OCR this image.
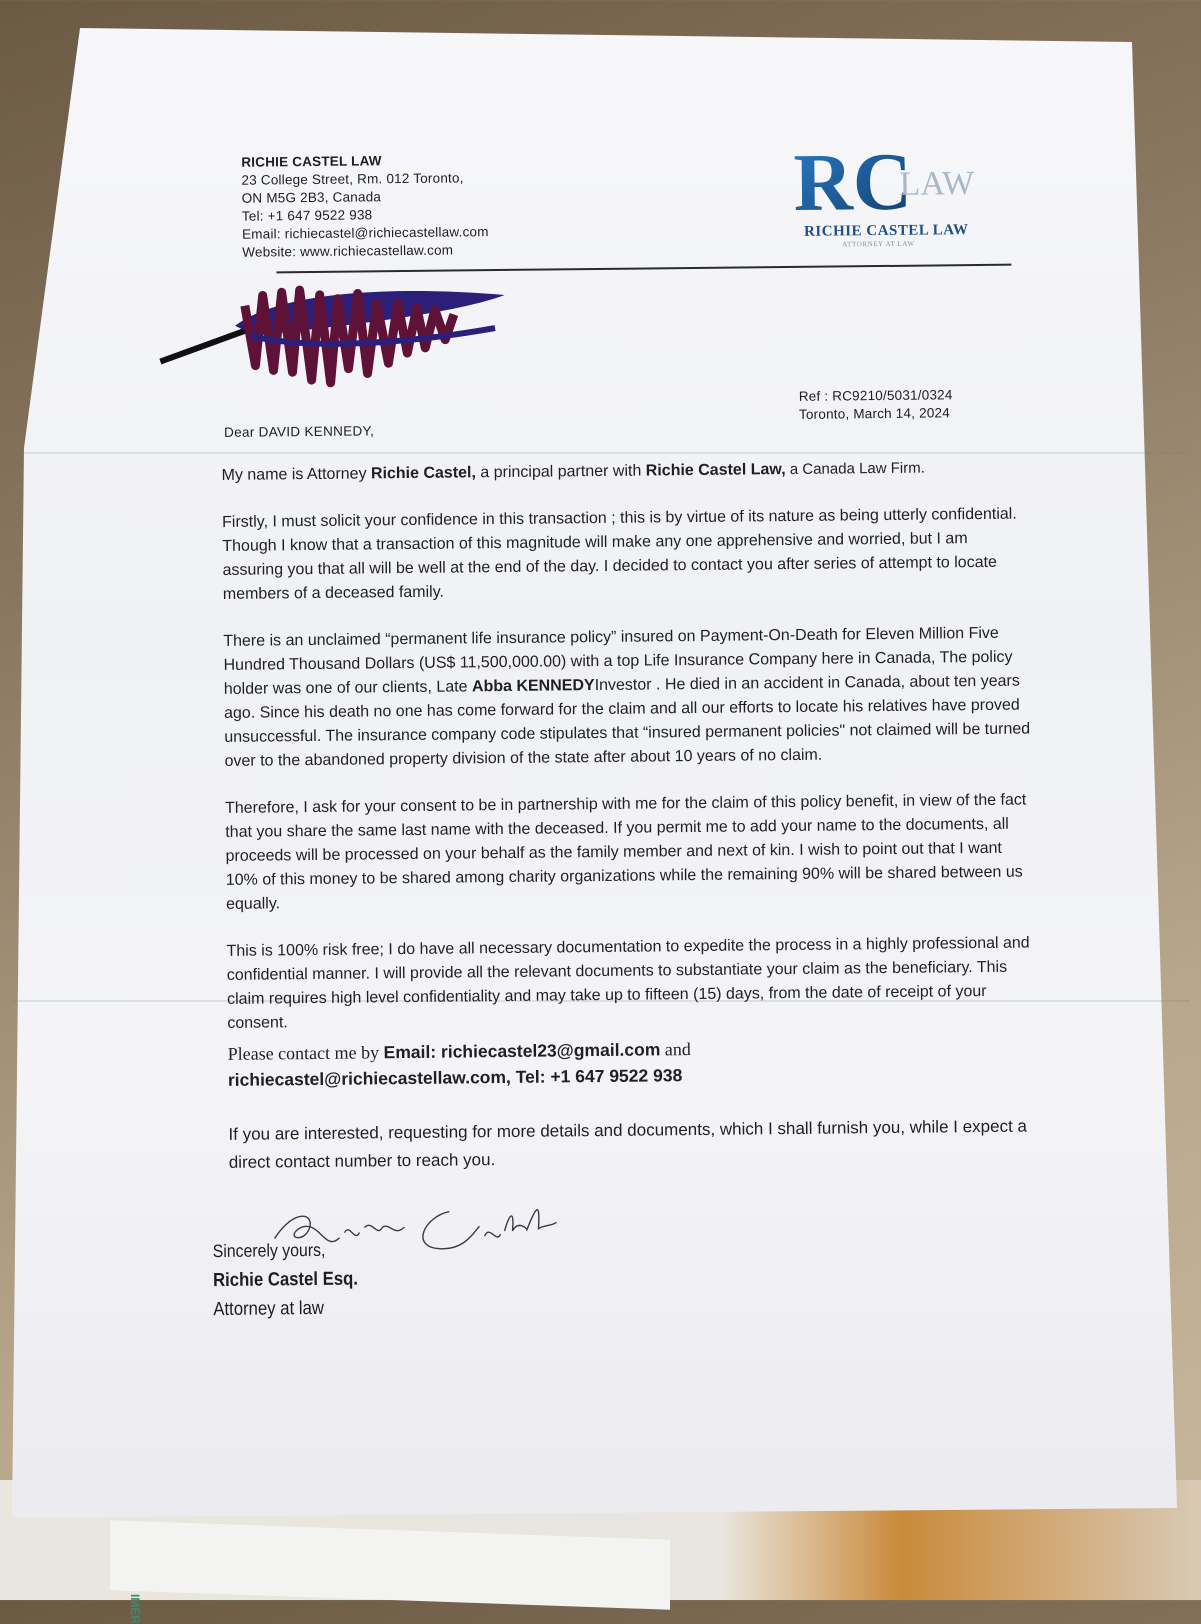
IMER
RICHIE CASTEL LAW
23 College Street, Rm. 012 Toronto,
ON M5G 2B3, Canada
Tel: +1 647 9522 938
Email: richiecastel@richiecastellaw.com
Website: www.richiecastellaw.com
RC
LAW
RICHIE CASTEL LAW
ATTORNEY AT LAW
Ref : RC9210/5031/0324
Toronto, March 14, 2024
Dear DAVID KENNEDY,

My name is Attorney Richie Castel, a principal partner with Richie Castel Law, a Canada Law Firm.

Firstly, I must solicit your confidence in this transaction ; this is by virtue of its nature as being utterly confidential. Though I know that a transaction of this magnitude will make any one apprehensive and worried, but I am assuring you that all will be well at the end of the day. I decided to contact you after series of attempt to locate members of a deceased family.

There is an unclaimed “permanent life insurance policy” insured on Payment-On-Death for Eleven Million Five Hundred Thousand Dollars (US$ 11,500,000.00) with a top Life Insurance Company here in Canada, The policy holder was one of our clients, Late Abba KENNEDYInvestor . He died in an accident in Canada, about ten years ago. Since his death no one has come forward for the claim and all our efforts to locate his relatives have proved unsuccessful. The insurance company code stipulates that “insured permanent policies" not claimed will be turned over to the abandoned property division of the state after about 10 years of no claim.

Therefore, I ask for your consent to be in partnership with me for the claim of this policy benefit, in view of the fact that you share the same last name with the deceased. If you permit me to add your name to the documents, all proceeds will be processed on your behalf as the family member and next of kin. I wish to point out that I want 10% of this money to be shared among charity organizations while the remaining 90% will be shared between us equally.

This is 100% risk free; I do have all necessary documentation to expedite the process in a highly professional and confidential manner. I will provide all the relevant documents to substantiate your claim as the beneficiary. This claim requires high level confidentiality and may take up to fifteen (15) days, from the date of receipt of your consent.

Please contact me by Email: richiecastel23@gmail.com and
richiecastel@richiecastellaw.com, Tel: +1 647 9522 938

If you are interested, requesting for more details and documents, which I shall furnish you, while I expect a direct contact number to reach you.

Sincerely yours,
Richie Castel Esq.
Attorney at law
